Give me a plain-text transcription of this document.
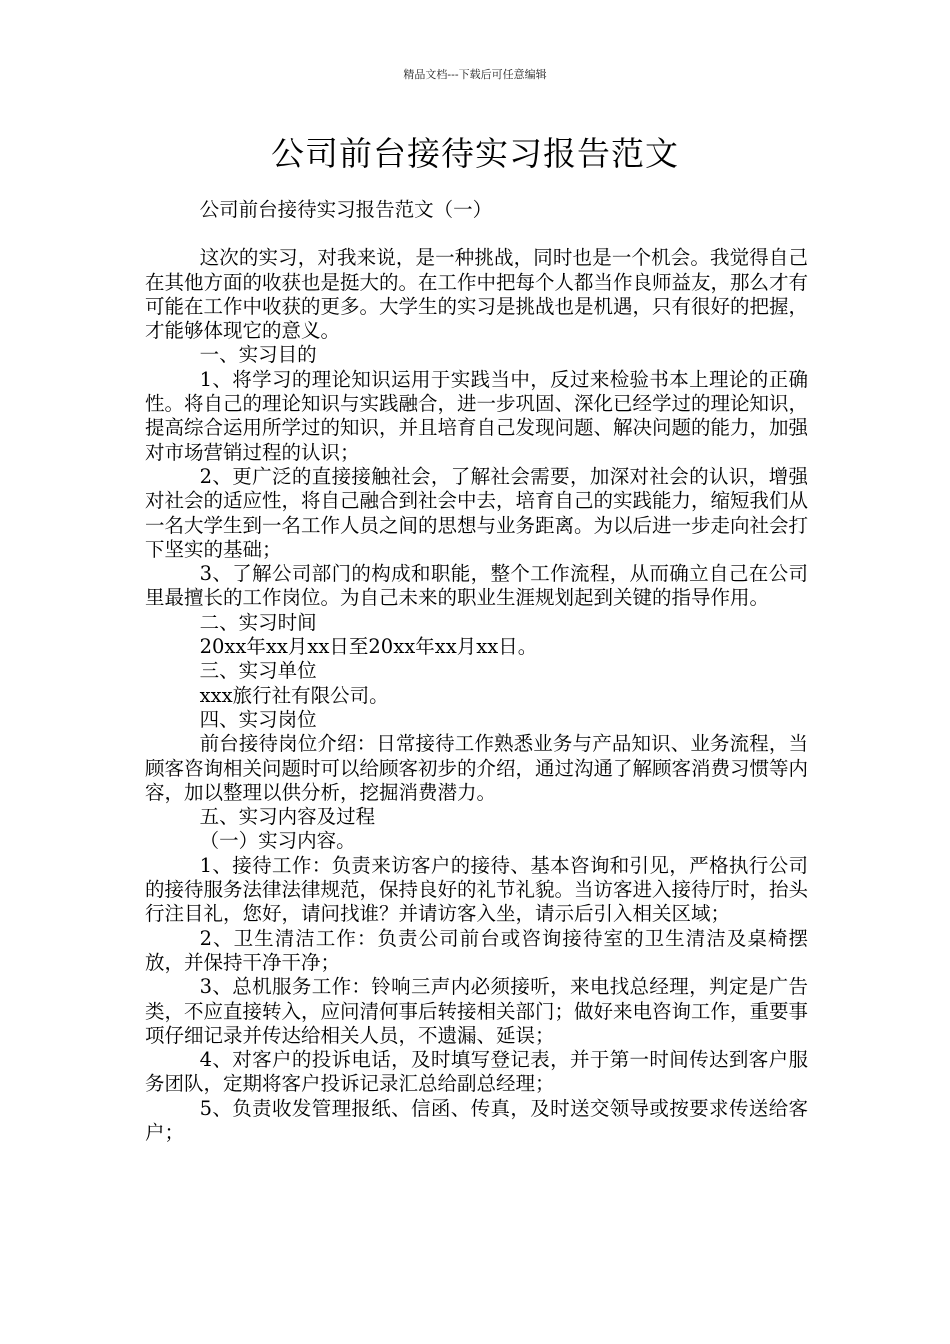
精品文档---下载后可任意编辑
公司前台接待实习报告范文

公司前台接待实习报告范文（一）

这次的实习，对我来说，是一种挑战，同时也是一个机会。我觉得自己在其他方面的收获也是挺大的。在工作中把每个人都当作良师益友，那么才有可能在工作中收获的更多。大学生的实习是挑战也是机遇，只有很好的把握，才能够体现它的意义。

一、实习目的

1、将学习的理论知识运用于实践当中，反过来检验书本上理论的正确性。将自己的理论知识与实践融合，进一步巩固、深化已经学过的理论知识，提高综合运用所学过的知识，并且培育自己发现问题、解决问题的能力，加强对市场营销过程的认识；

2、更广泛的直接接触社会，了解社会需要，加深对社会的认识，增强对社会的适应性，将自己融合到社会中去，培育自己的实践能力，缩短我们从一名大学生到一名工作人员之间的思想与业务距离。为以后进一步走向社会打下坚实的基础；

3、了解公司部门的构成和职能，整个工作流程，从而确立自己在公司里最擅长的工作岗位。为自己未来的职业生涯规划起到关键的指导作用。

二、实习时间

20xx年xx月xx日至20xx年xx月xx日。

三、实习单位

xxx旅行社有限公司。

四、实习岗位

前台接待岗位介绍：日常接待工作熟悉业务与产品知识、业务流程，当顾客咨询相关问题时可以给顾客初步的介绍，通过沟通了解顾客消费习惯等内容，加以整理以供分析，挖掘消费潜力。

五、实习内容及过程

（一）实习内容。

1、接待工作：负责来访客户的接待、基本咨询和引见，严格执行公司的接待服务法律法律规范，保持良好的礼节礼貌。当访客进入接待厅时，抬头行注目礼，您好，请问找谁？并请访客入坐，请示后引入相关区域；

2、卫生清洁工作：负责公司前台或咨询接待室的卫生清洁及桌椅摆放，并保持干净干净；

3、总机服务工作：铃响三声内必须接听，来电找总经理，判定是广告类，不应直接转入，应问清何事后转接相关部门；做好来电咨询工作，重要事项仔细记录并传达给相关人员，不遗漏、延误；

4、对客户的投诉电话，及时填写登记表，并于第一时间传达到客户服务团队，定期将客户投诉记录汇总给副总经理；

5、负责收发管理报纸、信函、传真，及时送交领导或按要求传送给客户；
